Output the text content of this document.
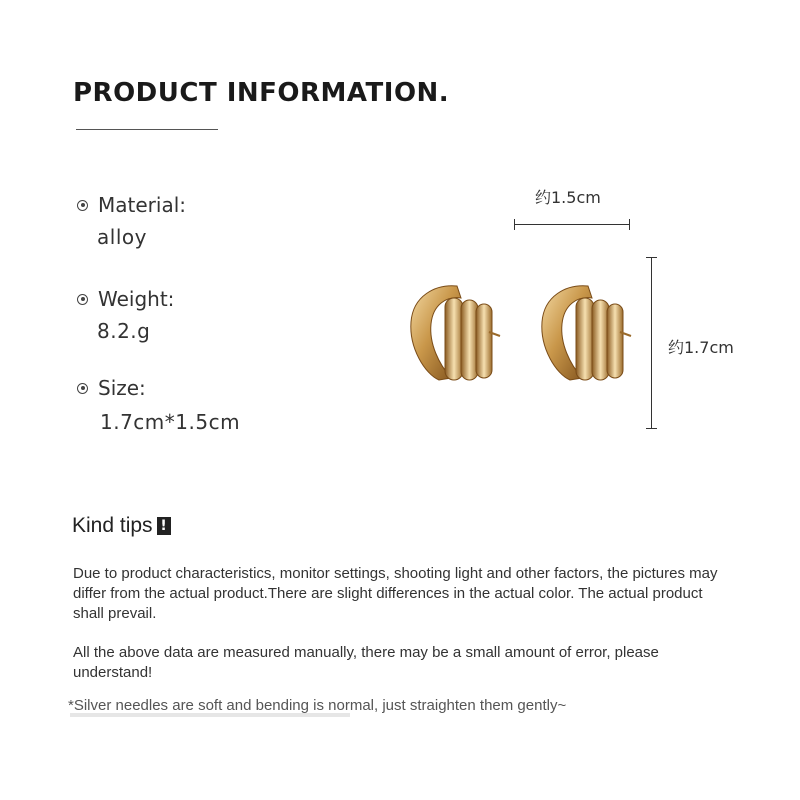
PRODUCT INFORMATION.
Material:
alloy
Weight:
8.2.g
Size:
1.7cm*1.5cm
约1.5cm
约1.7cm
Kind tips !

Due to product characteristics, monitor settings, shooting light and other factors, the pictures may differ from the actual product.There are slight differences in the actual color. The actual product shall prevail.

All the above data are measured manually, there may be a small amount of error, please understand!

*Silver needles are soft and bending is normal, just straighten them gently~
